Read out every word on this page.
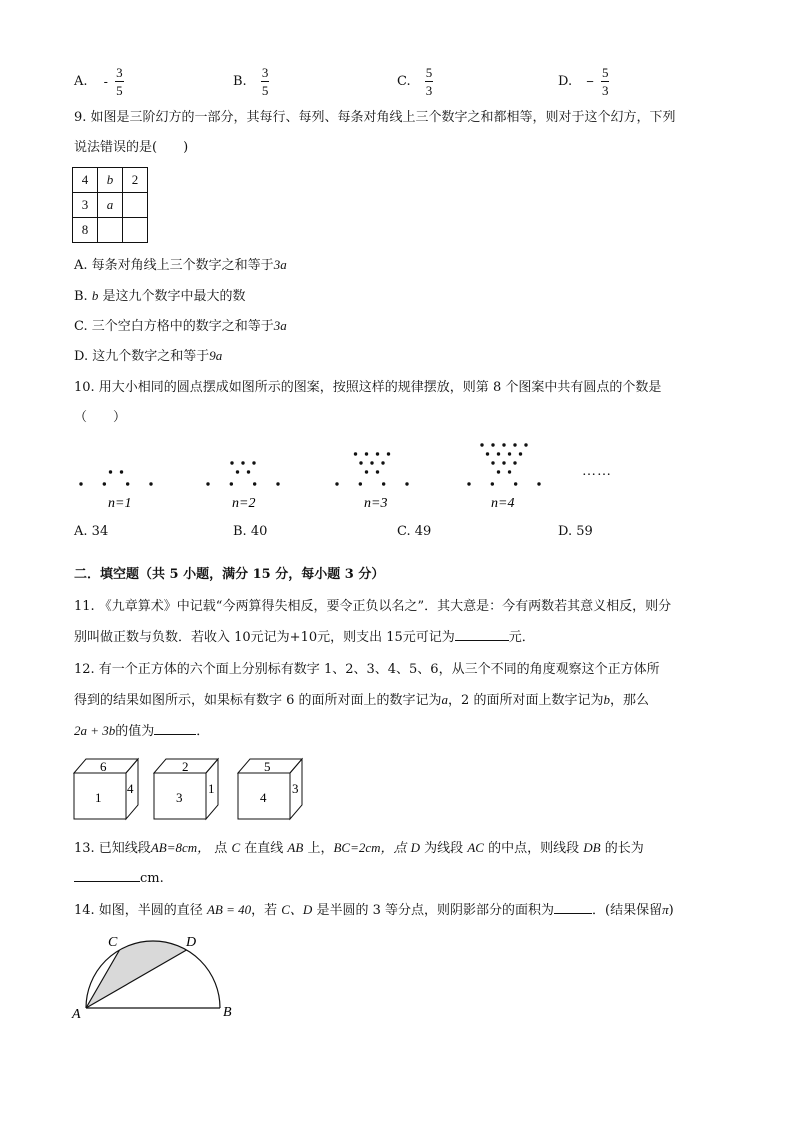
A. - $\frac{3}{5}$	B. $\frac{3}{5}$	C. $\frac{5}{3}$	D. − $\frac{5}{3}$
9. 如图是三阶幻方的一部分，其每行、每列、每条对角线上三个数字之和都相等，则对于这个幻方，下列
说法错误的是(　　)
4	b	2
3	a	
8		
A. 每条对角线上三个数字之和等于3a
B. b 是这九个数字中最大的数
C. 三个空白方格中的数字之和等于3a
D. 这九个数字之和等于9a
10. 用大小相同的圆点摆成如图所示的图案，按照这样的规律摆放，则第 8 个图案中共有圆点的个数是
（　　）
n=1	n=2	n=3	n=4
……
A. 34	B. 40	C. 49	D. 59
二．填空题（共 5 小题，满分 15 分，每小题 3 分）
11. 《九章算术》中记载“今两算得失相反，要令正负以名之”．其大意是：今有两数若其意义相反，则分
别叫做正数与负数．若收入 10元记为+10元，则支出 15元可记为	元．
12. 有一个正方体的六个面上分别标有数字 1、2、3、4、5、6，从三个不同的角度观察这个正方体所
得到的结果如图所示，如果标有数字 6 的面所对面上的数字记为a，2 的面所对面上数字记为b，那么
2a + 3b的值为	．
6
1
4
2
3
1
5
4
3
13. 已知线段AB=8cm， 点 C 在直线 AB 上，BC=2cm，点 D 为线段 AC 的中点，则线段 DB 的长为
cm.
14. 如图，半圆的直径 AB = 40，若 C、D 是半圆的 3 等分点，则阴影部分的面积为	．(结果保留π)
A	B
C	D
